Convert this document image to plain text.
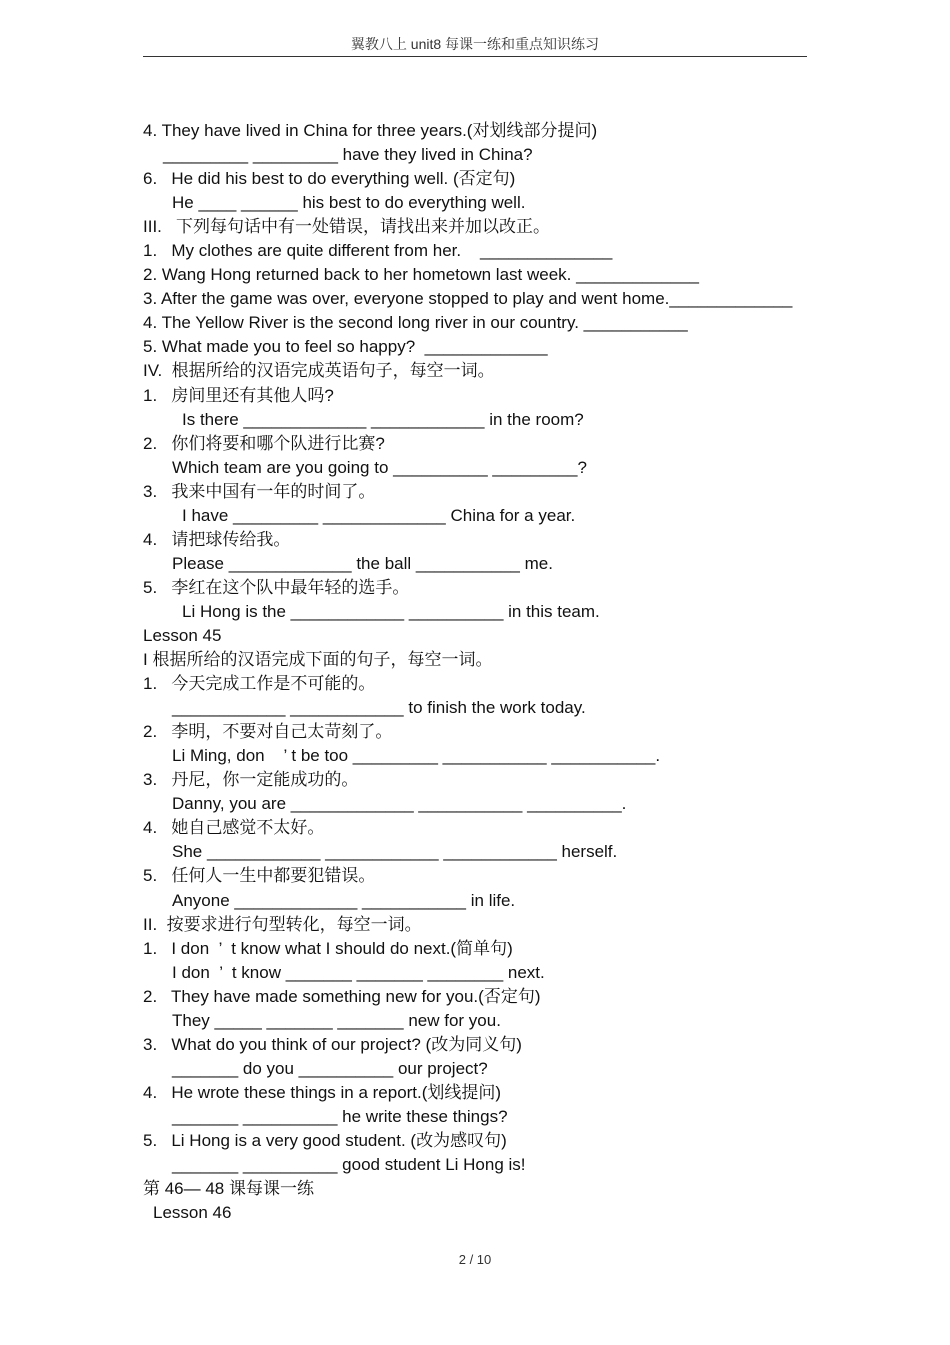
翼教八上 unit8 每课一练和重点知识练习
4. They have lived in China for three years.(对划线部分提问)
_________ _________ have they lived in China?
6.   He did his best to do everything well. (否定句)
He ____ ______ his best to do everything well.
III.   下列每句话中有一处错误，请找出来并加以改正。
1.   My clothes are quite different from her.    ______________
2. Wang Hong returned back to her hometown last week. _____________
3. After the game was over, everyone stopped to play and went home._____________
4. The Yellow River is the second long river in our country. ___________
5. What made you to feel so happy?  _____________
IV.  根据所给的汉语完成英语句子，每空一词。
1.   房间里还有其他人吗?
Is there _____________ ____________ in the room?
2.   你们将要和哪个队进行比赛?
Which team are you going to __________ _________?
3.   我来中国有一年的时间了。
I have _________ _____________ China for a year.
4.   请把球传给我。
Please _____________ the ball ___________ me.
5.   李红在这个队中最年轻的选手。
Li Hong is the ____________ __________ in this team.
Lesson 45
I 根据所给的汉语完成下面的句子，每空一词。
1.   今天完成工作是不可能的。
____________ ____________ to finish the work today.
2.   李明，不要对自己太苛刻了。
Li Ming, don    ’ t be too _________ ___________ ___________.
3.   丹尼，你一定能成功的。
Danny, you are _____________ ___________ __________.
4.   她自己感觉不太好。
She ____________ ____________ ____________ herself.
5.   任何人一生中都要犯错误。
Anyone _____________ ___________ in life.
II.  按要求进行句型转化，每空一词。
1.   I don  ’  t know what I should do next.(简单句)
I don  ’  t know _______ _______ ________ next.
2.   They have made something new for you.(否定句)
They _____ _______ _______ new for you.
3.   What do you think of our project? (改为同义句)
_______ do you __________ our project?
4.   He wrote these things in a report.(划线提问)
_______ __________ he write these things?
5.   Li Hong is a very good student. (改为感叹句)
_______ __________ good student Li Hong is!
第 46— 48 课每课一练
Lesson 46
2 / 10
